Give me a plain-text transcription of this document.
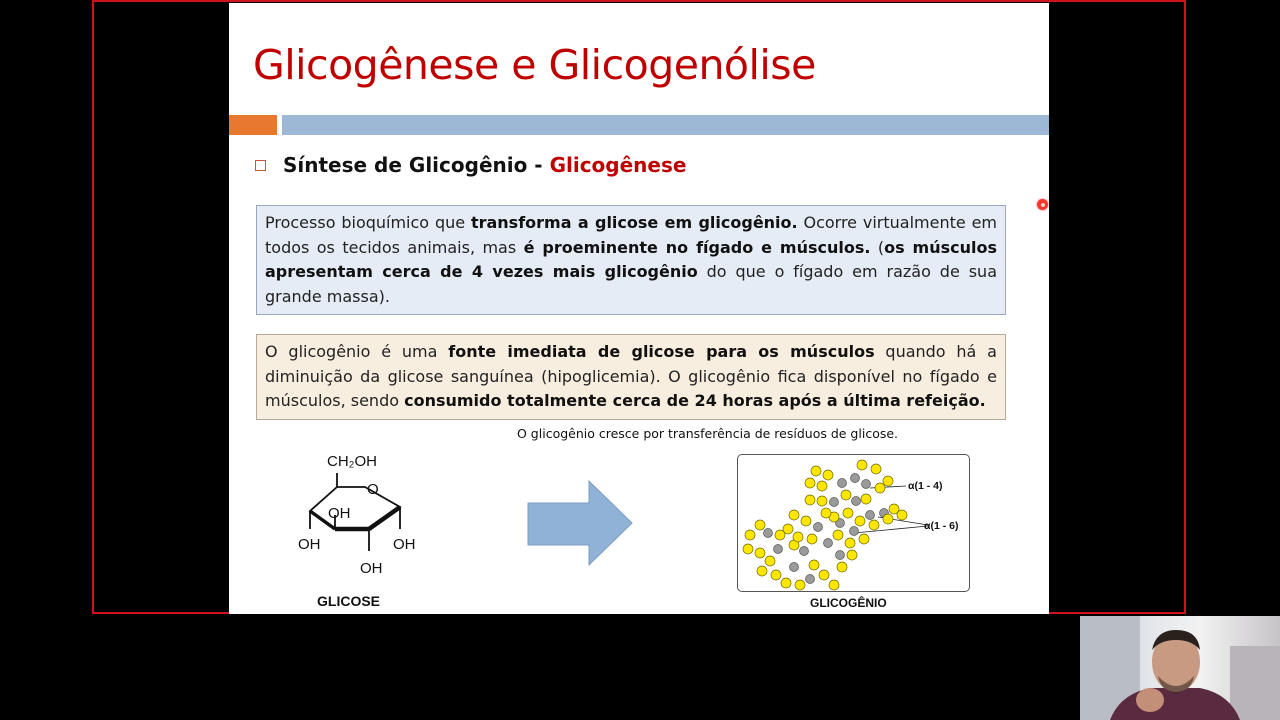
Glicogênese e Glicogenólise
Síntese de Glicogênio - Glicogênese
Processo bioquímico que transforma a glicose em glicogênio. Ocorre virtualmente em todos os tecidos animais, mas é proeminente no fígado e músculos. (os músculos apresentam cerca de 4 vezes mais glicogênio do que o fígado em razão de sua grande massa).
O glicogênio é uma fonte imediata de glicose para os músculos quando há a diminuição da glicose sanguínea (hipoglicemia). O glicogênio fica disponível no fígado e músculos, sendo consumido totalmente cerca de 24 horas após a última refeição.
O glicogênio cresce por transferência de resíduos de glicose.
CH₂OH
O
OH
OH	OH
OH
GLICOSE
α(1 - 4)
α(1 - 6)
GLICOGÊNIO
